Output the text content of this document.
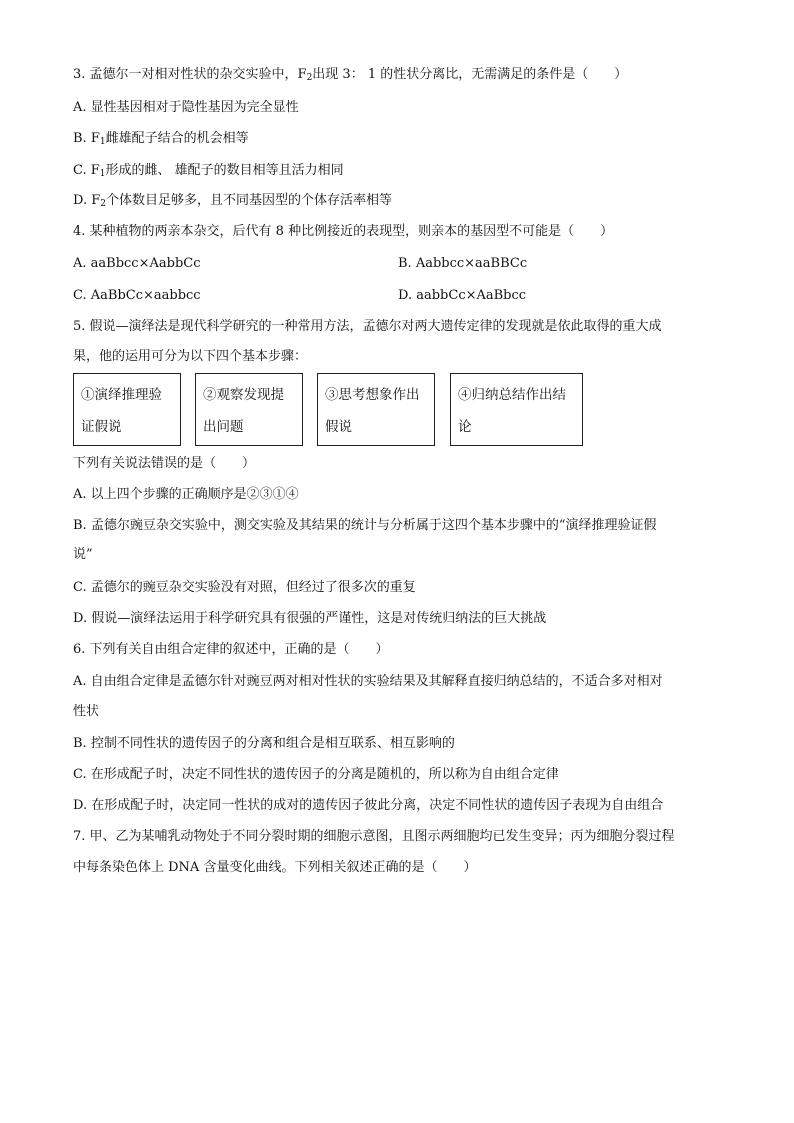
3. 孟德尔一对相对性状的杂交实验中，$F_2$出现 3： 1 的性状分离比，无需满足的条件是（　　）
A. 显性基因相对于隐性基因为完全显性
B. $F_1$雌雄配子结合的机会相等
C. $F_1$形成的雌、 雄配子的数目相等且活力相同
D. $F_2$个体数目足够多，且不同基因型的个体存活率相等
4. 某种植物的两亲本杂交，后代有 8 种比例接近的表现型，则亲本的基因型不可能是（　　）
A. aaBbcc×AabbCc	B. Aabbcc×aaBBCc
C. AaBbCc×aabbcc	D. aabbCc×AaBbcc
5. 假说—演绎法是现代科学研究的一种常用方法，孟德尔对两大遗传定律的发现就是依此取得的重大成
果，他的运用可分为以下四个基本步骤：
①演绎推理验证假说
②观察发现提出问题
③思考想象作出假说
④归纳总结作出结论
下列有关说法错误的是（　　）
A. 以上四个步骤的正确顺序是②③①④
B. 孟德尔豌豆杂交实验中，测交实验及其结果的统计与分析属于这四个基本步骤中的“演绎推理验证假
说”
C. 孟德尔的豌豆杂交实验没有对照，但经过了很多次的重复
D. 假说—演绎法运用于科学研究具有很强的严谨性，这是对传统归纳法的巨大挑战
6. 下列有关自由组合定律的叙述中，正确的是（　　）
A. 自由组合定律是孟德尔针对豌豆两对相对性状的实验结果及其解释直接归纳总结的，不适合多对相对
性状
B. 控制不同性状的遗传因子的分离和组合是相互联系、相互影响的
C. 在形成配子时，决定不同性状的遗传因子的分离是随机的，所以称为自由组合定律
D. 在形成配子时，决定同一性状的成对的遗传因子彼此分离，决定不同性状的遗传因子表现为自由组合
7. 甲、乙为某哺乳动物处于不同分裂时期的细胞示意图，且图示两细胞均已发生变异；丙为细胞分裂过程
中每条染色体上 DNA 含量变化曲线。下列相关叙述正确的是（　　）
